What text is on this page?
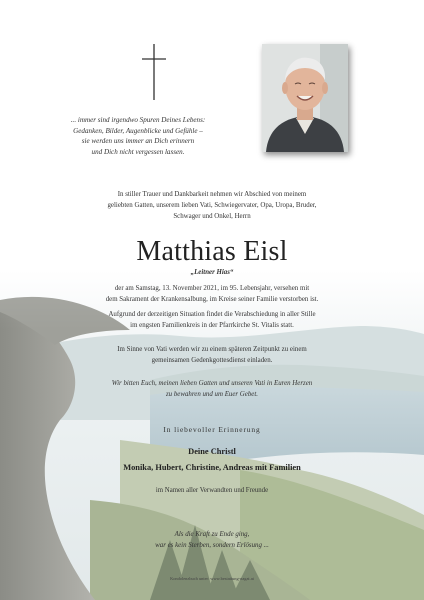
... immer sind irgendwo Spuren Deines Lebens:
Gedanken, Bilder, Augenblicke und Gefühle –
sie werden uns immer an Dich erinnern
und Dich nicht vergessen lassen.
In stiller Trauer und Dankbarkeit nehmen wir Abschied von meinem
geliebten Gatten, unserem lieben Vati, Schwiegervater, Opa, Uropa, Bruder,
Schwager und Onkel, Herrn
Matthias Eisl
„Leitner Hias“
der am Samstag, 13. November 2021, im 95. Lebensjahr, versehen mit
dem Sakrament der Krankensalbung, im Kreise seiner Familie verstorben ist.
Aufgrund der derzeitigen Situation findet die Verabschiedung in aller Stille
im engsten Familienkreis in der Pfarrkirche St. Vitalis statt.
Im Sinne von Vati werden wir zu einem späteren Zeitpunkt zu einem
gemeinsamen Gedenkgottesdienst einladen.
Wir bitten Euch, meinen lieben Gatten und unseren Vati in Euren Herzen
zu bewahren und um Euer Gebet.
In liebevoller Erinnerung
Deine Christl
Monika, Hubert, Christine, Andreas mit Familien
im Namen aller Verwandten und Freunde
Als die Kraft zu Ende ging,
war es kein Sterben, sondern Erlösung ...
Kondolenzbuch unter: www.bestattung-nagat.at
